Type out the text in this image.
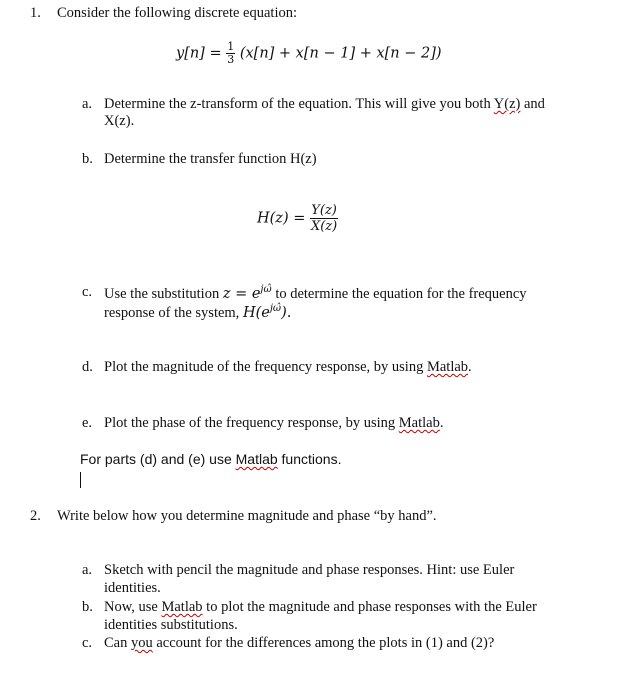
1. Consider the following discrete equation:
$y[n] = \frac{1}{3} (x[n] + x[n - 1] + x[n - 2])$
a. Determine the z-transform of the equation. This will give you both Y(z) and
X(z).
b. Determine the transfer function H(z)
$H(z) = \frac{Y(z)}{X(z)}$
c. Use the substitution $z = e^{j\omegâ}$ to determine the equation for the frequency
response of the system, $H(e^{j\omegâ})$.
d. Plot the magnitude of the frequency response, by using Matlab.
e. Plot the phase of the frequency response, by using Matlab.
For parts (d) and (e) use Matlab functions.
2. Write below how you determine magnitude and phase “by hand”.
a. Sketch with pencil the magnitude and phase responses. Hint: use Euler
identities.
b. Now, use Matlab to plot the magnitude and phase responses with the Euler
identities substitutions.
c. Can you account for the differences among the plots in (1) and (2)?
